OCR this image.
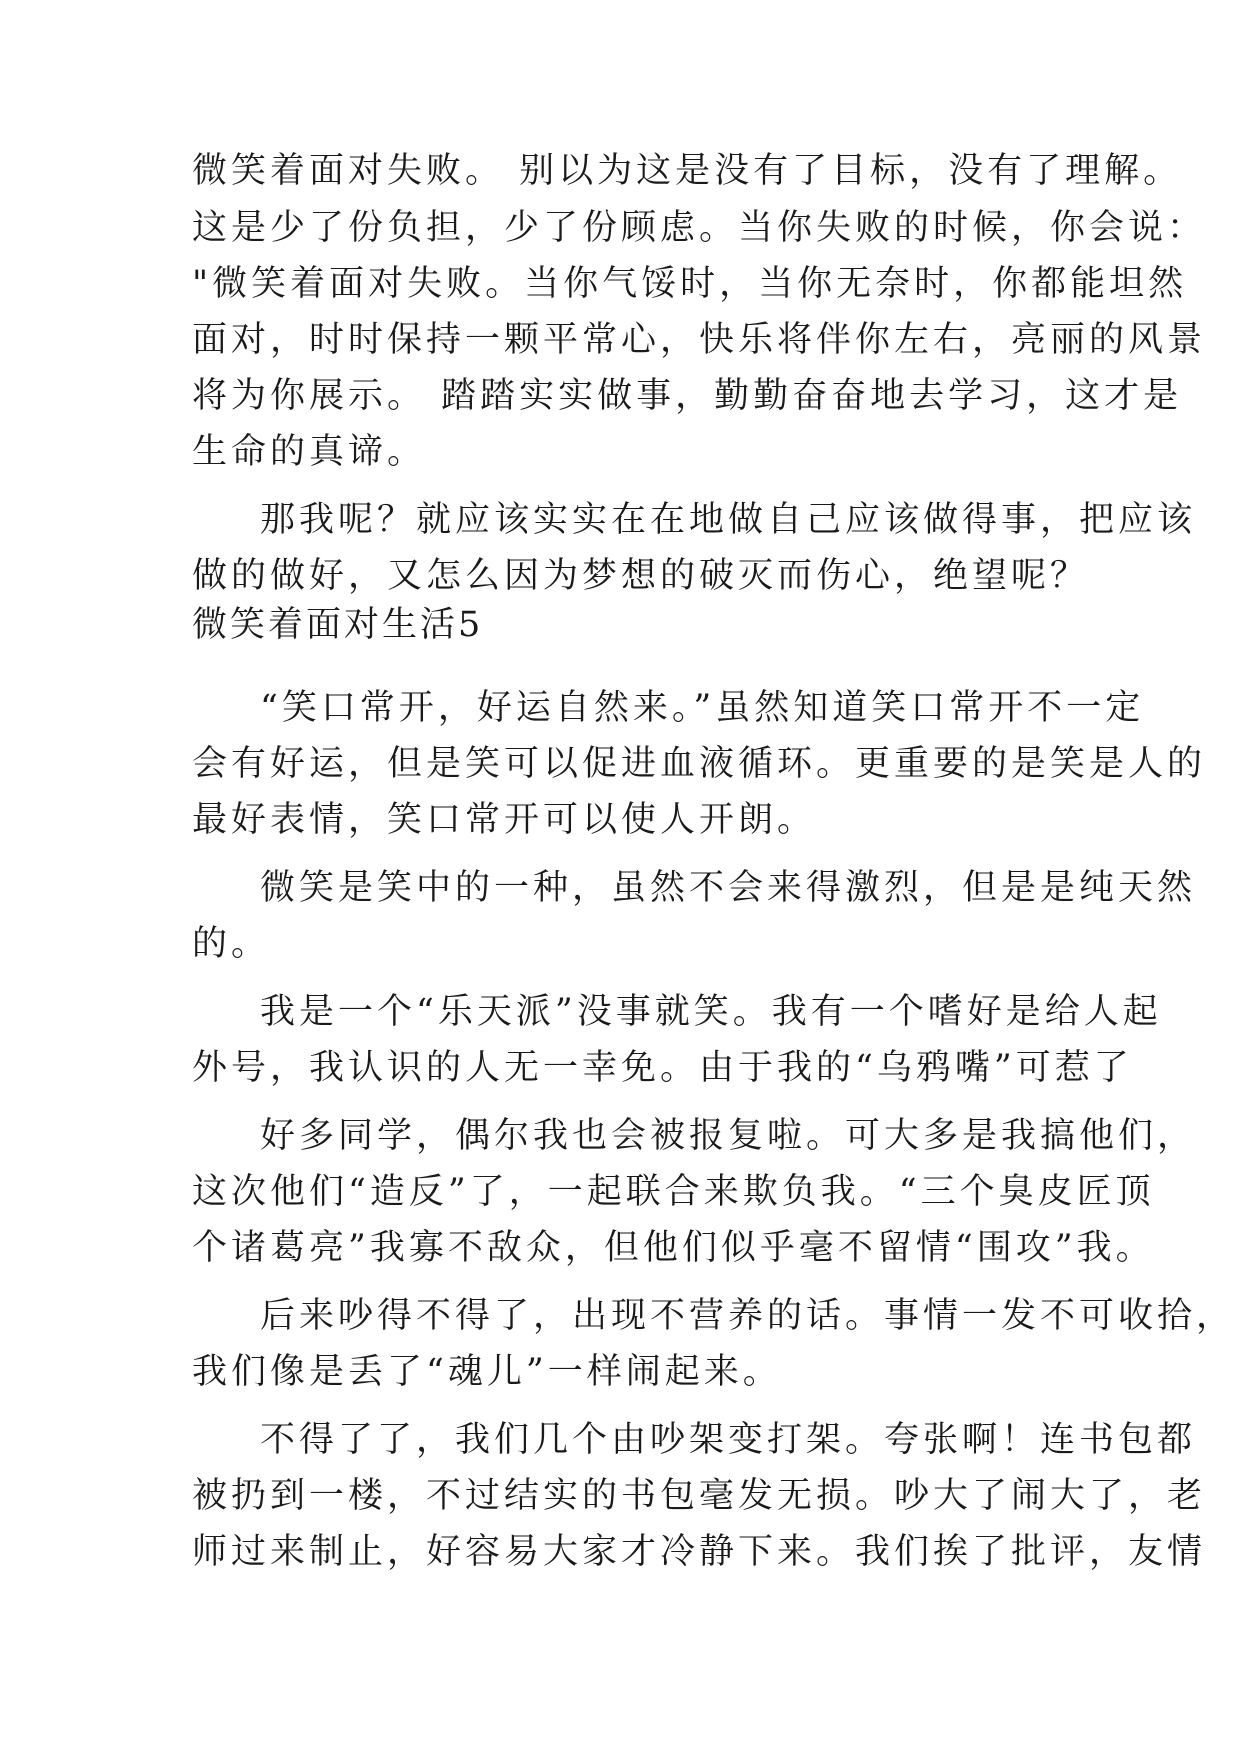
微笑着面对失败。 别以为这是没有了目标，没有了理解。
这是少了份负担，少了份顾虑。当你失败的时候，你会说：
"微笑着面对失败。当你气馁时，当你无奈时，你都能坦然
面对，时时保持一颗平常心，快乐将伴你左右，亮丽的风景
将为你展示。 踏踏实实做事，勤勤奋奋地去学习，这才是
生命的真谛。
那我呢？就应该实实在在地做自己应该做得事，把应该
做的做好，又怎么因为梦想的破灭而伤心，绝望呢？
微笑着面对生活5
“笑口常开，好运自然来。”虽然知道笑口常开不一定
会有好运，但是笑可以促进血液循环。更重要的是笑是人的
最好表情，笑口常开可以使人开朗。
微笑是笑中的一种，虽然不会来得激烈，但是是纯天然
的。
我是一个“乐天派”没事就笑。我有一个嗜好是给人起
外号，我认识的人无一幸免。由于我的“乌鸦嘴”可惹了
好多同学，偶尔我也会被报复啦。可大多是我搞他们，
这次他们“造反”了，一起联合来欺负我。“三个臭皮匠顶
个诸葛亮”我寡不敌众，但他们似乎毫不留情“围攻”我。
后来吵得不得了，出现不营养的话。事情一发不可收拾，
我们像是丢了“魂儿”一样闹起来。
不得了了，我们几个由吵架变打架。夸张啊！连书包都
被扔到一楼，不过结实的书包毫发无损。吵大了闹大了，老
师过来制止，好容易大家才冷静下来。我们挨了批评，友情
